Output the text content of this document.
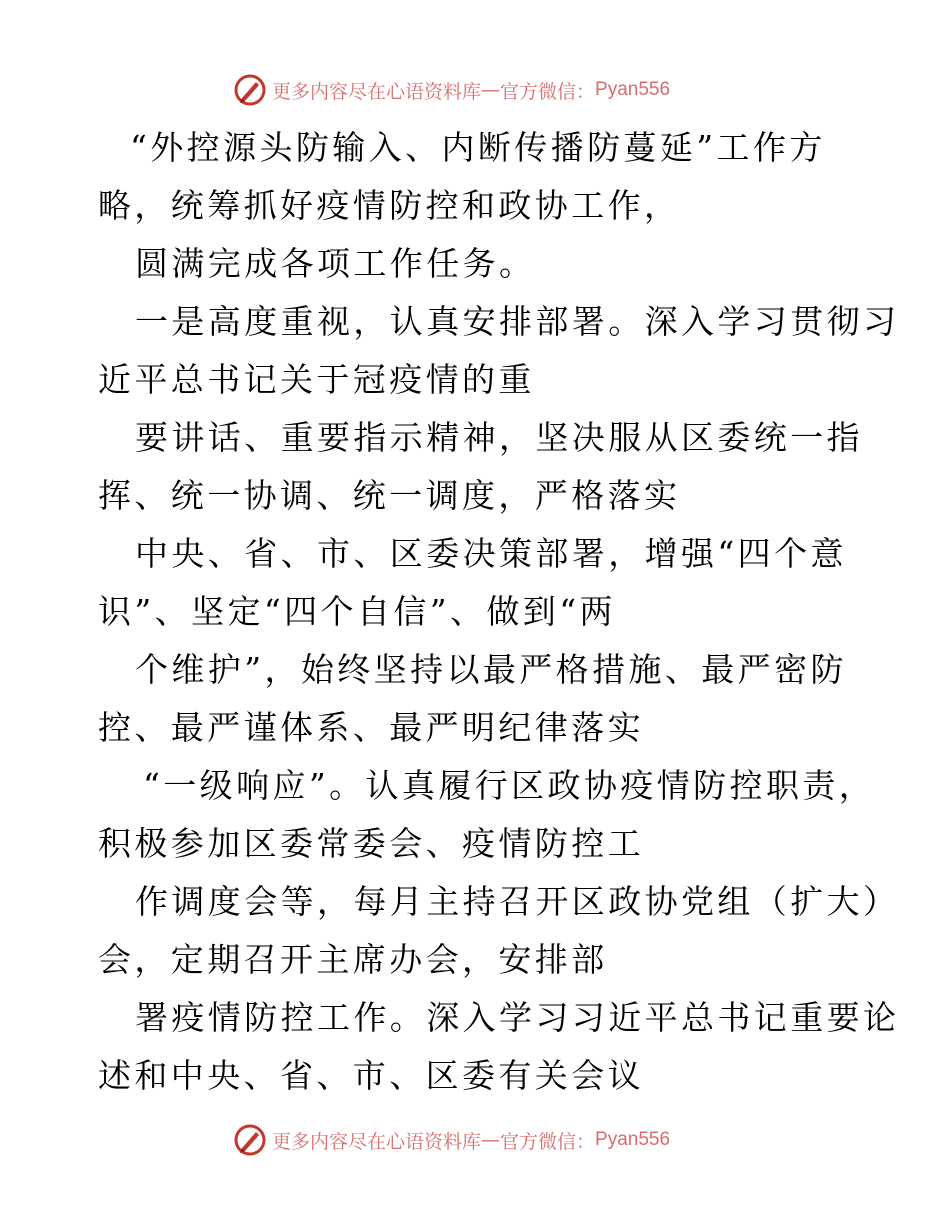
更多内容尽在心语资料库 — 官方微信： Pyan556
“外控源头防输入、内断传播防蔓延”工作方
略，统筹抓好疫情防控和政协工作，
圆满完成各项工作任务。
一是高度重视，认真安排部署。深入学习贯彻习
近平总书记关于冠疫情的重
要讲话、重要指示精神，坚决服从区委统一指
挥、统一协调、统一调度，严格落实
中央、省、市、区委决策部署，增强“四个意
识”、坚定“四个自信”、做到“两
个维护”，始终坚持以最严格措施、最严密防
控、最严谨体系、最严明纪律落实
“一级响应”。认真履行区政协疫情防控职责，
积极参加区委常委会、疫情防控工
作调度会等，每月主持召开区政协党组（扩大）
会，定期召开主席办会，安排部
署疫情防控工作。深入学习习近平总书记重要论
述和中央、省、市、区委有关会议
更多内容尽在心语资料库 — 官方微信： Pyan556
